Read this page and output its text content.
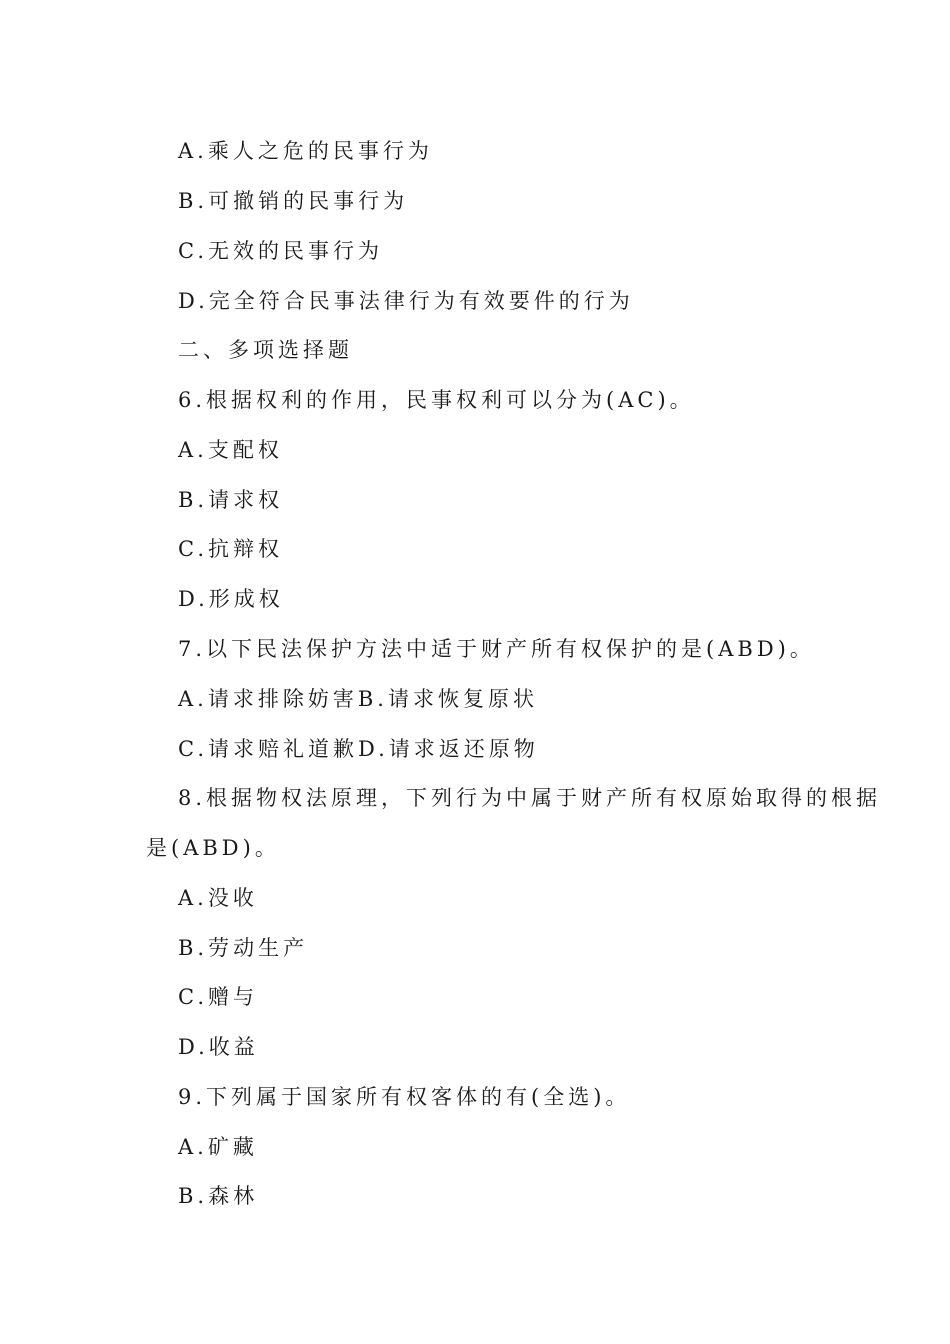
A.乘人之危的民事行为
B.可撤销的民事行为
C.无效的民事行为
D.完全符合民事法律行为有效要件的行为
二、多项选择题
6.根据权利的作用，民事权利可以分为(AC)。
A.支配权
B.请求权
C.抗辩权
D.形成权
7.以下民法保护方法中适于财产所有权保护的是(ABD)。
A.请求排除妨害B.请求恢复原状
C.请求赔礼道歉D.请求返还原物
8.根据物权法原理，下列行为中属于财产所有权原始取得的根据
是(ABD)。
A.没收
B.劳动生产
C.赠与
D.收益
9.下列属于国家所有权客体的有(全选)。
A.矿藏
B.森林
